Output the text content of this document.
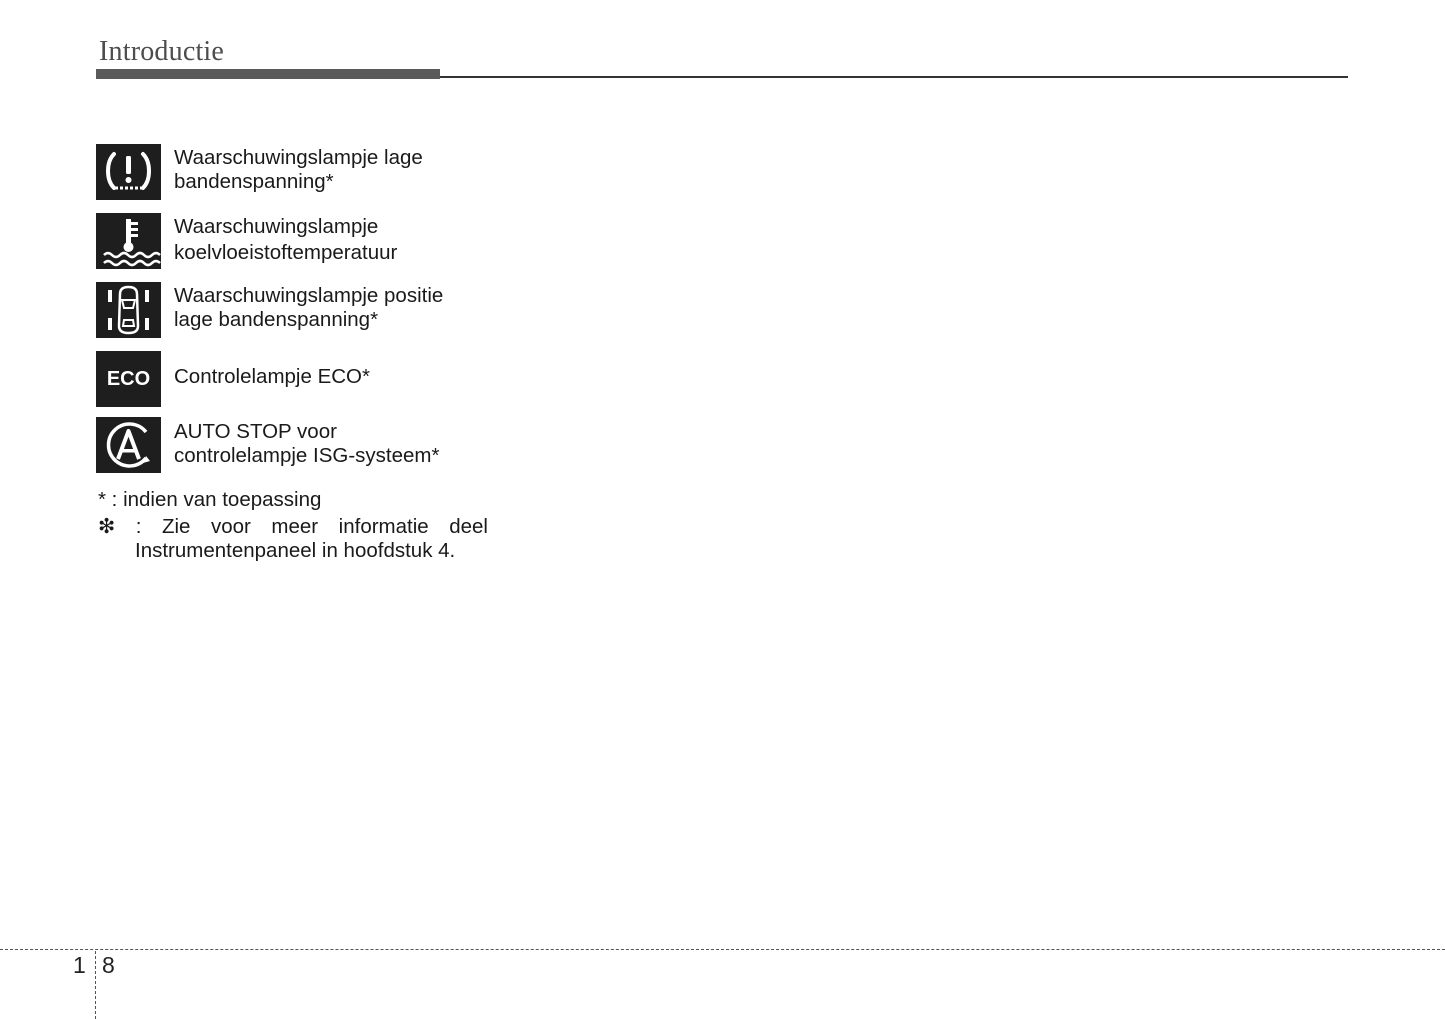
Introductie
Waarschuwingslampje lage
bandenspanning*
Waarschuwingslampje
koelvloeistoftemperatuur
Waarschuwingslampje positie
lage bandenspanning*
ECO Controlelampje ECO*
AUTO STOP voor
controlelampje ISG-systeem*
* : indien van toepassing
❇ : Zie voor meer informatie deel
Instrumentenpaneel in hoofdstuk 4.
1 8
